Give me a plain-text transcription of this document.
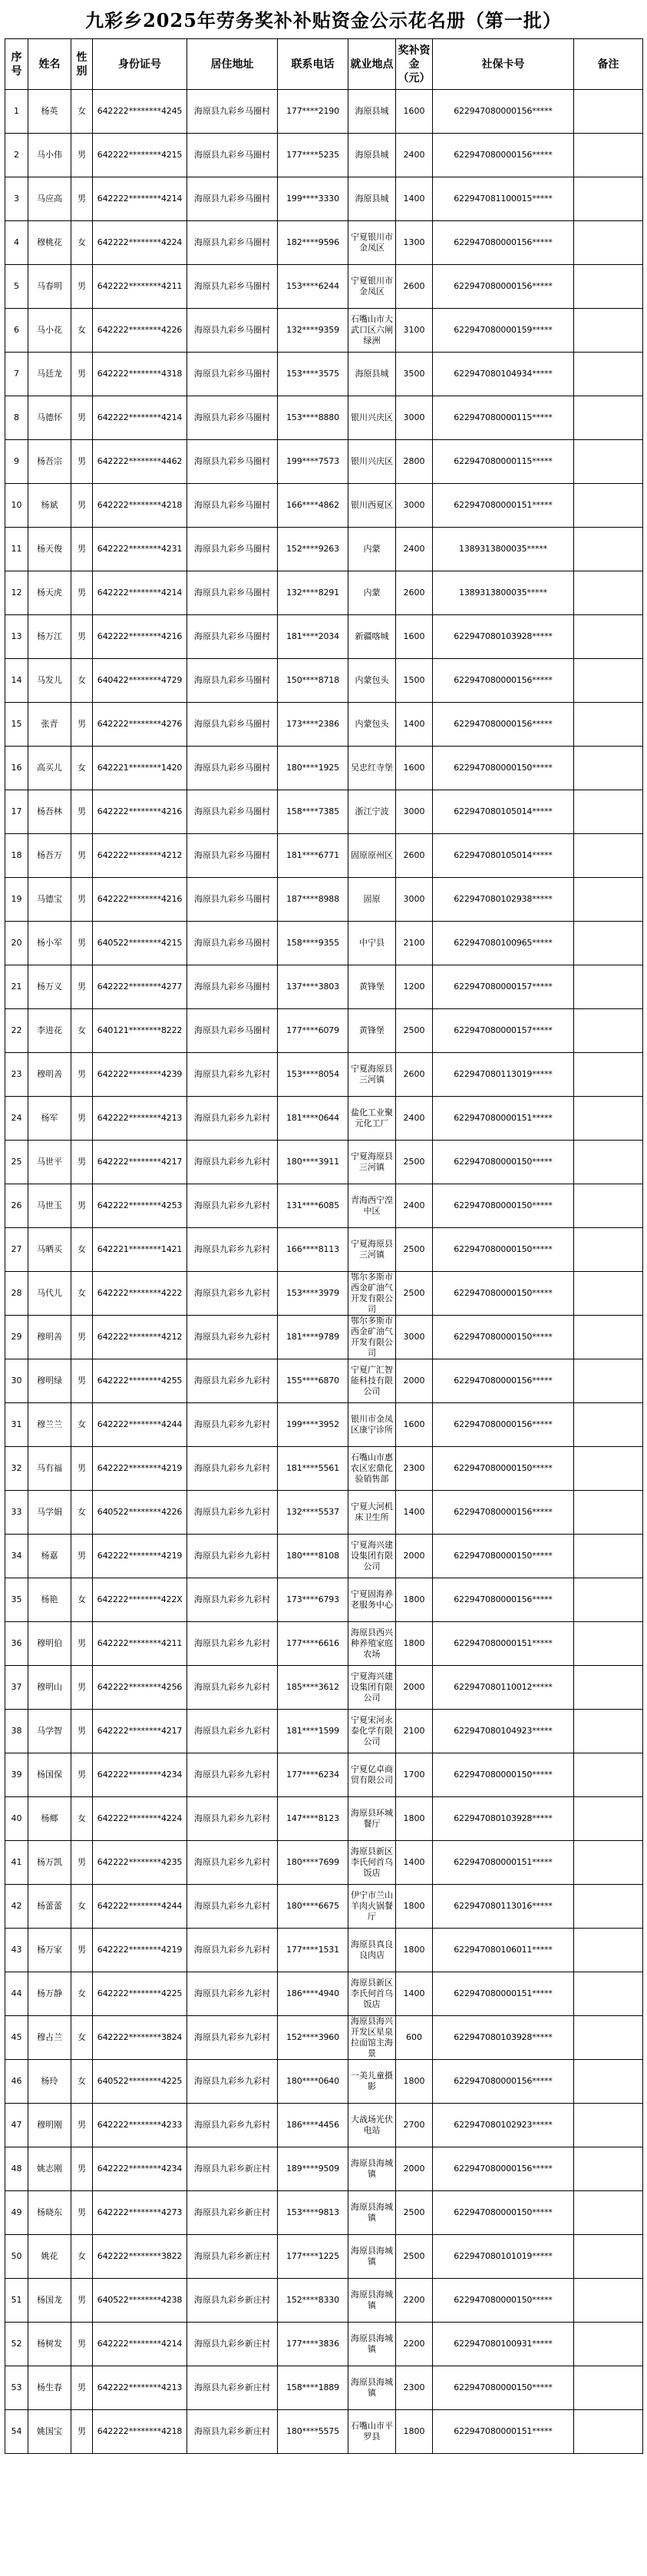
九彩乡2025年劳务奖补补贴资金公示花名册（第一批）
序号	姓名	性别	身份证号	居住地址	联系电话	就业地点	奖补资金（元）	社保卡号	备注
1	杨英	女	642222********4245	海原县九彩乡马圈村	177****2190	海原县城	1600	622947080000156*****	
2	马小伟	男	642222********4215	海原县九彩乡马圈村	177****5235	海原县城	2400	622947080000156*****	
3	马应高	男	642222********4214	海原县九彩乡马圈村	199****3330	海原县城	1400	622947081100015*****	
4	穆桃花	女	642222********4224	海原县九彩乡马圈村	182****9596	宁夏银川市金凤区	1300	622947080000156*****	
5	马春明	男	642222********4211	海原县九彩乡马圈村	153****6244	宁夏银川市金凤区	2600	622947080000156*****	
6	马小花	女	642222********4226	海原县九彩乡马圈村	132****9359	石嘴山市大武口区六闸绿洲	3100	622947080000159*****	
7	马廷龙	男	642222********4318	海原县九彩乡马圈村	153****3575	海原县城	3500	622947080104934*****	
8	马德怀	男	642222********4214	海原县九彩乡马圈村	153****8880	银川兴庆区	3000	622947080000115*****	
9	杨吾宗	男	642222********4462	海原县九彩乡马圈村	199****7573	银川兴庆区	2800	622947080000115*****	
10	杨斌	男	642222********4218	海原县九彩乡马圈村	166****4862	银川西夏区	3000	622947080000151*****	
11	杨天俊	男	642222********4231	海原县九彩乡马圈村	152****9263	内蒙	2400	1389313800035*****	
12	杨天虎	男	642222********4214	海原县九彩乡马圈村	132****8291	内蒙	2600	1389313800035*****	
13	杨万江	男	642222********4216	海原县九彩乡马圈村	181****2034	新疆喀城	1600	622947080103928*****	
14	马发儿	女	640422********4729	海原县九彩乡马圈村	150****8718	内蒙包头	1500	622947080000156*****	
15	张青	男	642222********4276	海原县九彩乡马圈村	173****2386	内蒙包头	1400	622947080000156*****	
16	高买儿	女	642221********1420	海原县九彩乡马圈村	180****1925	吴忠红寺堡	1600	622947080000150*****	
17	杨吾林	男	642222********4216	海原县九彩乡马圈村	158****7385	浙江宁波	3000	622947080105014*****	
18	杨吾万	男	642222********4212	海原县九彩乡马圈村	181****6771	固原原州区	2600	622947080105014*****	
19	马德宝	男	642222********4216	海原县九彩乡马圈村	187****8988	固原	3000	622947080102938*****	
20	杨小军	男	640522********4215	海原县九彩乡马圈村	158****9355	中宁县	2100	622947080100965*****	
21	杨万义	男	642222********4277	海原县九彩乡马圈村	137****3803	黄锋堡	1200	622947080000157*****	
22	李进花	女	640121********8222	海原县九彩乡马圈村	177****6079	黄锋堡	2500	622947080000157*****	
23	穆明善	男	642222********4239	海原县九彩乡九彩村	153****8054	宁夏海原县三河镇	2600	622947080113019*****	
24	杨军	男	642222********4213	海原县九彩乡九彩村	181****0644	盐化工业聚元化工厂	2400	622947080000151*****	
25	马世平	男	642222********4217	海原县九彩乡九彩村	180****3911	宁夏海原县三河镇	2500	622947080000150*****	
26	马世玉	男	642222********4253	海原县九彩乡九彩村	131****6085	青海西宁湟中区	2400	622947080000150*****	
27	马晒买	女	642221********1421	海原县九彩乡九彩村	166****8113	宁夏海原县三河镇	2500	622947080000150*****	
28	马代儿	女	642222********4222	海原县九彩乡九彩村	153****3979	鄂尔多斯市西金矿油气开发有限公司	2500	622947080000150*****	
29	穆明善	男	642222********4212	海原县九彩乡九彩村	181****9789	鄂尔多斯市西金矿油气开发有限公司	3000	622947080000150*****	
30	穆明绿	男	642222********4255	海原县九彩乡九彩村	155****6870	宁夏广汇智能科技有限公司	2000	622947080000156*****	
31	穆兰兰	女	642222********4244	海原县九彩乡九彩村	199****3952	银川市金凤区康宁诊所	1600	622947080000156*****	
32	马有福	男	642222********4219	海原县九彩乡九彩村	181****5561	石嘴山市惠农区宏鼎化验销售部	2300	622947080000150*****	
33	马学娟	女	640522********4226	海原县九彩乡九彩村	132****5537	宁夏大河机床卫生所	1400	622947080000156*****	
34	杨嘉	男	642222********4219	海原县九彩乡九彩村	180****8108	宁夏海兴建设集团有限公司	2000	622947080000150*****	
35	杨艳	女	642222********422X	海原县九彩乡九彩村	173****6793	宁夏固海养老服务中心	1800	622947080000156*****	
36	穆明伯	男	642222********4211	海原县九彩乡九彩村	177****6616	海原县西兴种养殖家庭农场	1800	622947080000151*****	
37	穆明山	男	642222********4256	海原县九彩乡九彩村	185****3612	宁夏海兴建设集团有限公司	2000	622947080110012*****	
38	马学智	男	642222********4217	海原县九彩乡九彩村	181****1599	宁夏宋河永泰化学有限公司	2100	622947080104923*****	
39	杨国保	男	642222********4234	海原县九彩乡九彩村	177****6234	宁夏亿卓商贸有限公司	1700	622947080000150*****	
40	杨鄉	女	642222********4224	海原县九彩乡九彩村	147****8123	海原县环城餐厅	1800	622947080103928*****	
41	杨万凯	男	642222********4235	海原县九彩乡九彩村	180****7699	海原县新区李氏何首乌饭店	1400	622947080000151*****	
42	杨蕾蕾	女	642222********4244	海原县九彩乡九彩村	180****6675	伊宁市兰山羊肉火锅餐厅	1800	622947080113016*****	
43	杨万家	男	642222********4219	海原县九彩乡九彩村	177****1531	海原县真良良肉店	1800	622947080106011*****	
44	杨万静	女	642222********4225	海原县九彩乡九彩村	186****4940	海原县新区李氏何首乌饭店	1400	622947080000151*****	
45	穆占兰	女	642222********3824	海原县九彩乡九彩村	152****3960	海原县海兴开发区星泉拉面馆主海景	600	622947080103928*****	
46	杨玲	女	640522********4225	海原县九彩乡九彩村	180****0640	一美儿童摄影	1800	622947080000156*****	
47	穆明刚	男	642222********4233	海原县九彩乡九彩村	186****4456	大战场光伏电站	2700	622947080102923*****	
48	姚志刚	男	642222********4234	海原县九彩乡新庄村	189****9509	海原县海城镇	2000	622947080000156*****	
49	杨晓东	男	642222********4273	海原县九彩乡新庄村	153****9813	海原县海城镇	2500	622947080000150*****	
50	姚花	女	642222********3822	海原县九彩乡新庄村	177****1225	海原县海城镇	2500	622947080101019*****	
51	杨国龙	男	640522********4238	海原县九彩乡新庄村	152****8330	海原县海城镇	2200	622947080000150*****	
52	杨树发	男	642222********4214	海原县九彩乡新庄村	177****3836	海原县海城镇	2200	622947080100931*****	
53	杨生春	男	642222********4213	海原县九彩乡新庄村	158****1889	海原县海城镇	2300	622947080000150*****	
54	姚国宝	男	642222********4218	海原县九彩乡新庄村	180****5575	石嘴山市平罗县	1800	622947080000151*****	
